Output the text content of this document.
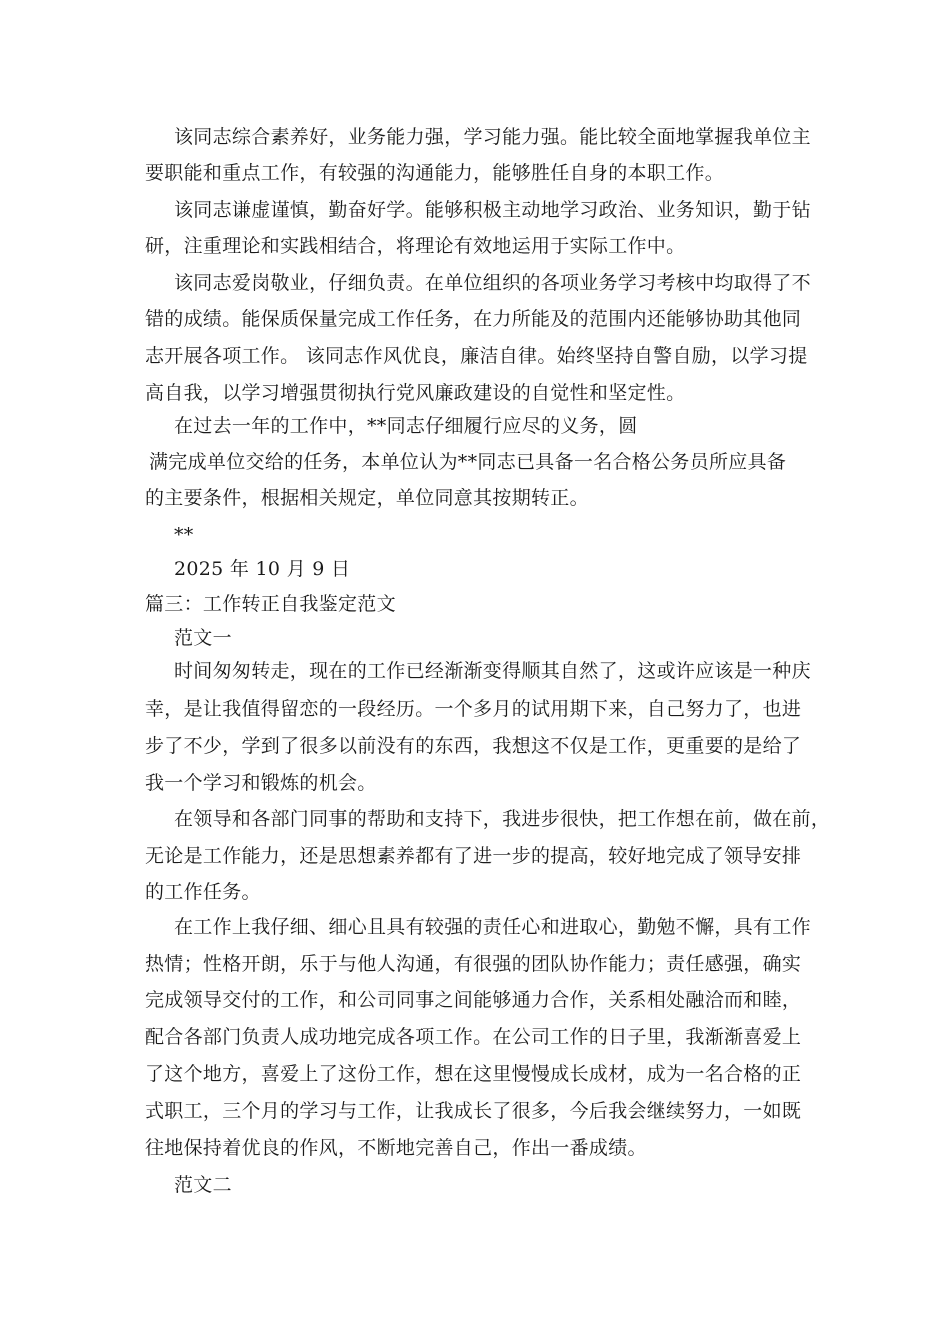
该同志综合素养好，业务能力强，学习能力强。能比较全面地掌握我单位主
要职能和重点工作，有较强的沟通能力，能够胜任自身的本职工作。
该同志谦虚谨慎，勤奋好学。能够积极主动地学习政治、业务知识，勤于钻
研，注重理论和实践相结合，将理论有效地运用于实际工作中。
该同志爱岗敬业，仔细负责。在单位组织的各项业务学习考核中均取得了不
错的成绩。能保质保量完成工作任务，在力所能及的范围内还能够协助其他同
志开展各项工作。 该同志作风优良，廉洁自律。始终坚持自警自励，以学习提
高自我，以学习增强贯彻执行党风廉政建设的自觉性和坚定性。
在过去一年的工作中，**同志仔细履行应尽的义务，圆
满完成单位交给的任务，本单位认为**同志已具备一名合格公务员所应具备
的主要条件，根据相关规定，单位同意其按期转正。
**
2025 年 10 月 9 日
篇三：工作转正自我鉴定范文
范文一
时间匆匆转走，现在的工作已经渐渐变得顺其自然了，这或许应该是一种庆
幸，是让我值得留恋的一段经历。一个多月的试用期下来，自己努力了，也进
步了不少，学到了很多以前没有的东西，我想这不仅是工作，更重要的是给了
我一个学习和锻炼的机会。
在领导和各部门同事的帮助和支持下，我进步很快，把工作想在前，做在前，
无论是工作能力，还是思想素养都有了进一步的提高，较好地完成了领导安排
的工作任务。
在工作上我仔细、细心且具有较强的责任心和进取心，勤勉不懈，具有工作
热情；性格开朗，乐于与他人沟通，有很强的团队协作能力；责任感强，确实
完成领导交付的工作，和公司同事之间能够通力合作，关系相处融洽而和睦，
配合各部门负责人成功地完成各项工作。在公司工作的日子里，我渐渐喜爱上
了这个地方，喜爱上了这份工作，想在这里慢慢成长成材，成为一名合格的正
式职工，三个月的学习与工作，让我成长了很多，今后我会继续努力，一如既
往地保持着优良的作风，不断地完善自己，作出一番成绩。
范文二
